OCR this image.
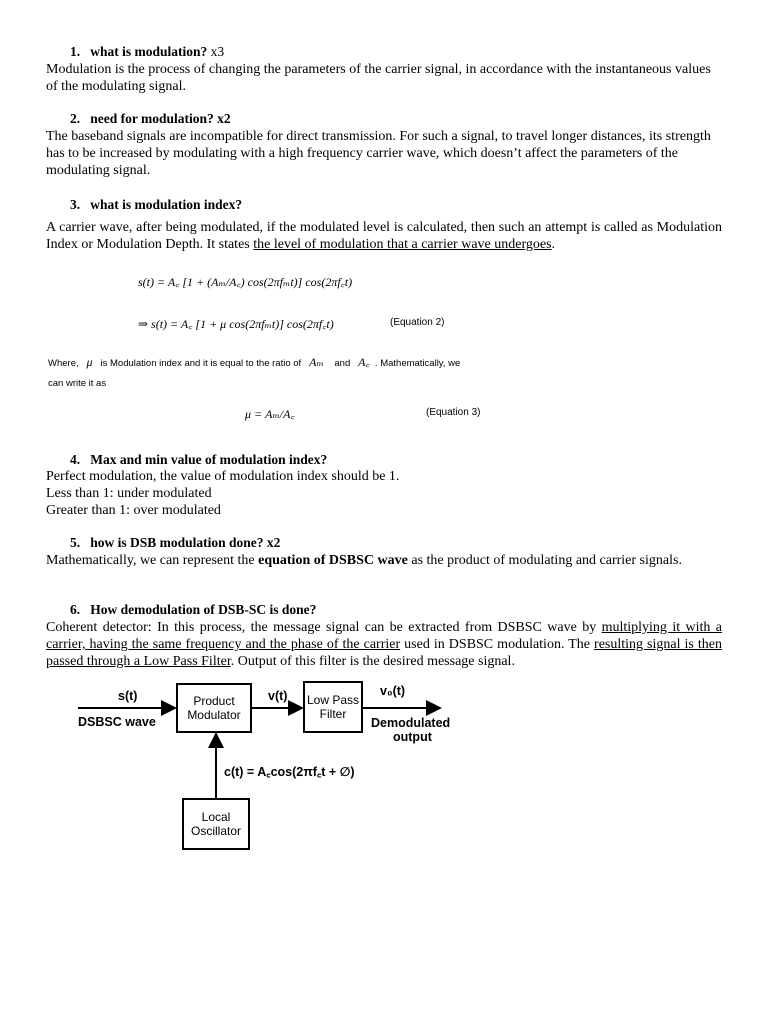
1. what is modulation? x3
Modulation is the process of changing the parameters of the carrier signal, in accordance with the instantaneous values of the modulating signal.
2. need for modulation? x2
The baseband signals are incompatible for direct transmission. For such a signal, to travel longer distances, its strength has to be increased by modulating with a high frequency carrier wave, which doesn’t affect the parameters of the modulating signal.
3. what is modulation index?
A carrier wave, after being modulated, if the modulated level is calculated, then such an attempt is called as Modulation Index or Modulation Depth. It states the level of modulation that a carrier wave undergoes.
s(t) = A꜀ [1 + (Aₘ/A꜀) cos(2πfₘt)] cos(2πf꜀t)
⇒ s(t) = A꜀ [1 + μ cos(2πfₘt)] cos(2πf꜀t)	(Equation 2)
Where, μ is Modulation index and it is equal to the ratio of Aₘ and A꜀ . Mathematically, we
can write it as
μ = Aₘ/A꜀	(Equation 3)
4. Max and min value of modulation index?
Perfect modulation, the value of modulation index should be 1.
Less than 1: under modulated
Greater than 1: over modulated
5. how is DSB modulation done? x2
Mathematically, we can represent the equation of DSBSC wave as the product of modulating and carrier signals.
6. How demodulation of DSB-SC is done?
Coherent detector: In this process, the message signal can be extracted from DSBSC wave by multiplying it with a carrier, having the same frequency and the phase of the carrier used in DSBSC modulation. The resulting signal is then passed through a Low Pass Filter. Output of this filter is the desired message signal.
s(t)
DSBSC wave
Product Modulator
v(t)	Low Pass Filter
v₀(t)
Demodulated
output
c(t) = A꜀cos(2πf꜀t + ∅)
Local Oscillator
